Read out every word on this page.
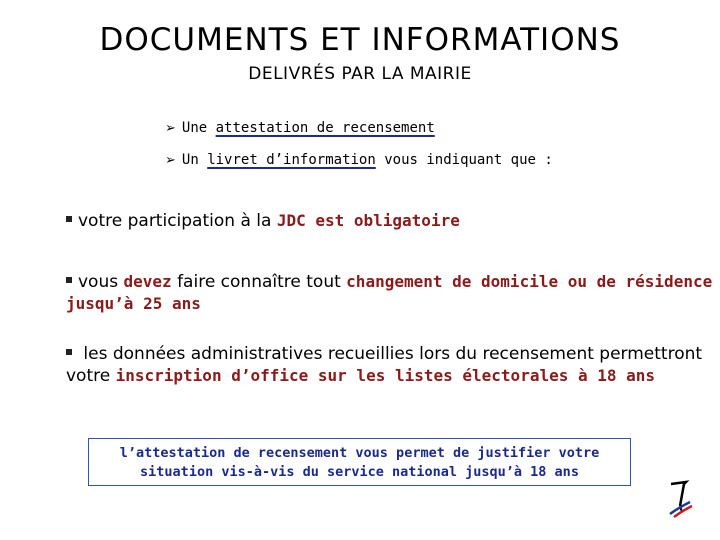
DOCUMENTS ET INFORMATIONS
DELIVRÉS PAR LA MAIRIE
➢ Une attestation de recensement
➢ Un livret d’information vous indiquant que :
votre participation à la JDC est obligatoire
vous devez faire connaître tout changement de domicile ou de résidence jusqu’à 25 ans
les données administratives recueillies lors du recensement permettront votre inscription d’office sur les listes électorales à 18 ans
l’attestation de recensement vous permet de justifier votre
situation vis-à-vis du service national jusqu’à 18 ans
